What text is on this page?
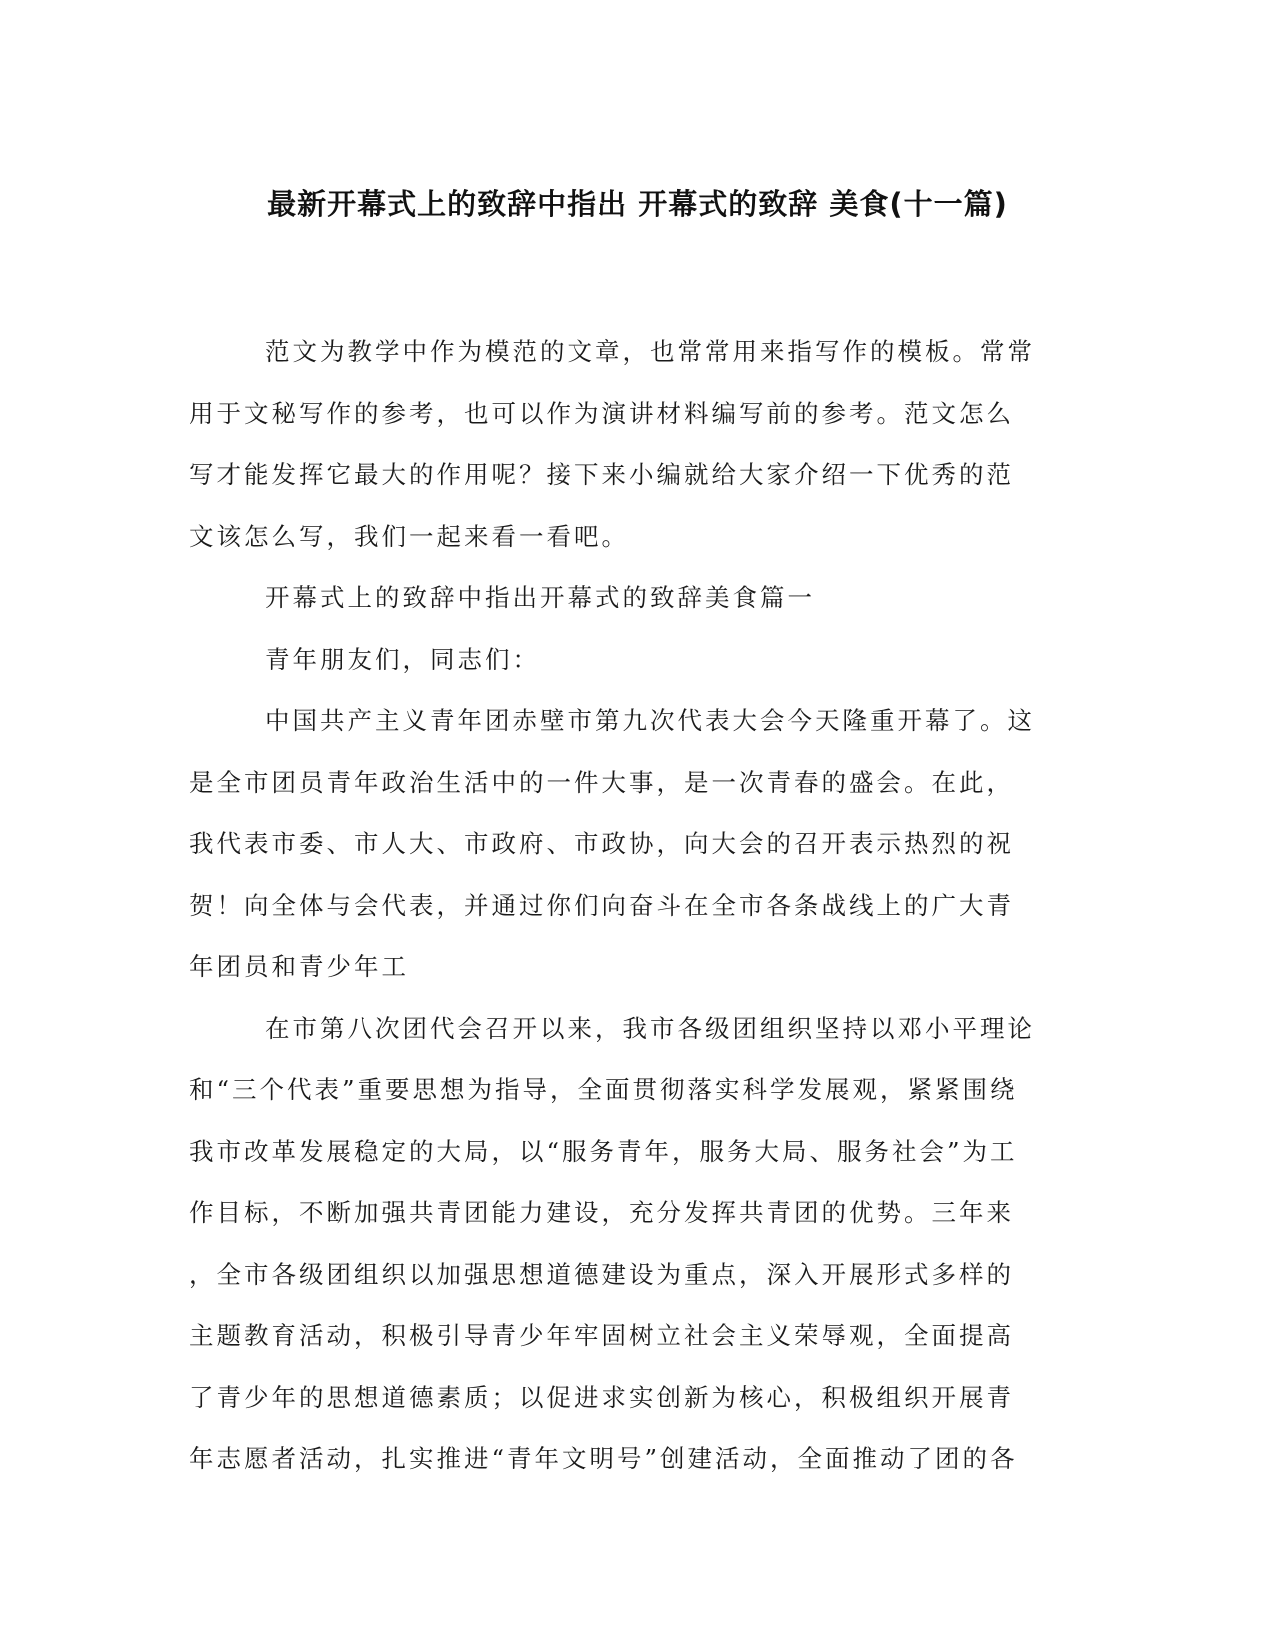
最新开幕式上的致辞中指出 开幕式的致辞 美食(十一篇)
范文为教学中作为模范的文章，也常常用来指写作的模板。常常
用于文秘写作的参考，也可以作为演讲材料编写前的参考。范文怎么
写才能发挥它最大的作用呢？接下来小编就给大家介绍一下优秀的范
文该怎么写，我们一起来看一看吧。
开幕式上的致辞中指出开幕式的致辞美食篇一
青年朋友们，同志们：
中国共产主义青年团赤壁市第九次代表大会今天隆重开幕了。这
是全市团员青年政治生活中的一件大事，是一次青春的盛会。在此，
我代表市委、市人大、市政府、市政协，向大会的召开表示热烈的祝
贺！向全体与会代表，并通过你们向奋斗在全市各条战线上的广大青
年团员和青少年工
在市第八次团代会召开以来，我市各级团组织坚持以邓小平理论
和“三个代表”重要思想为指导，全面贯彻落实科学发展观，紧紧围绕
我市改革发展稳定的大局，以“服务青年，服务大局、服务社会”为工
作目标，不断加强共青团能力建设，充分发挥共青团的优势。三年来
，全市各级团组织以加强思想道德建设为重点，深入开展形式多样的
主题教育活动，积极引导青少年牢固树立社会主义荣辱观，全面提高
了青少年的思想道德素质；以促进求实创新为核心，积极组织开展青
年志愿者活动，扎实推进“青年文明号”创建活动，全面推动了团的各
